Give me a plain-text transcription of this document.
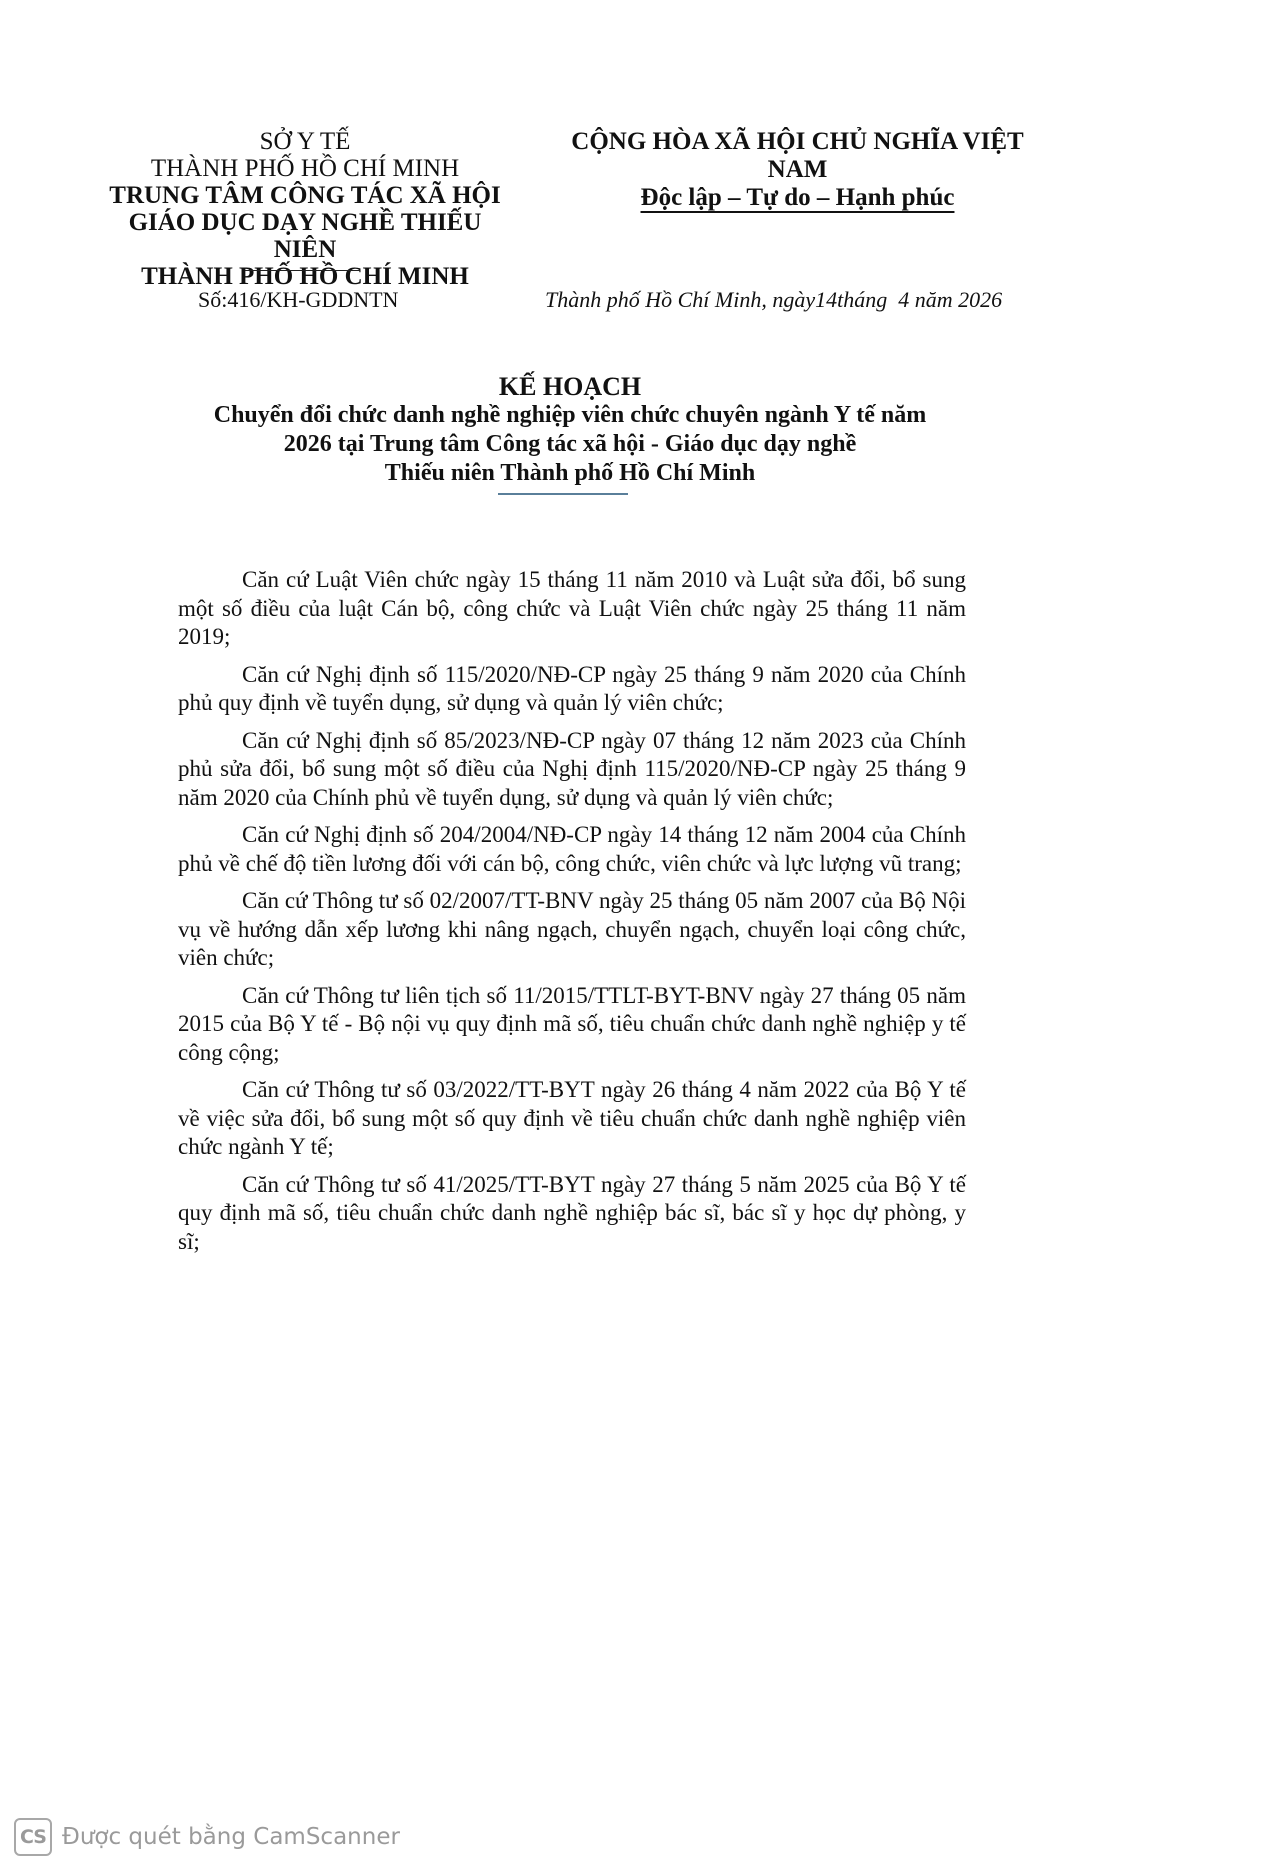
SỞ Y TẾ
THÀNH PHỐ HỒ CHÍ MINH
TRUNG TÂM CÔNG TÁC XÃ HỘI
GIÁO DỤC DẠY NGHỀ THIẾU NIÊN
THÀNH PHỐ HỒ CHÍ MINH
CỘNG HÒA XÃ HỘI CHỦ NGHĨA VIỆT NAM
Độc lập – Tự do – Hạnh phúc
Số:416/KH-GDDNTN	Thành phố Hồ Chí Minh, ngày14tháng  4 năm 2026
KẾ HOẠCH
Chuyển đổi chức danh nghề nghiệp viên chức chuyên ngành Y tế năm
2026 tại Trung tâm Công tác xã hội - Giáo dục dạy nghề
Thiếu niên Thành phố Hồ Chí Minh

Căn cứ Luật Viên chức ngày 15 tháng 11 năm 2010 và Luật sửa đổi, bổ sung một số điều của luật Cán bộ, công chức và Luật Viên chức ngày 25 tháng 11 năm 2019;

Căn cứ Nghị định số 115/2020/NĐ-CP ngày 25 tháng 9 năm 2020 của Chính phủ quy định về tuyển dụng, sử dụng và quản lý viên chức;

Căn cứ Nghị định số 85/2023/NĐ-CP ngày 07 tháng 12 năm 2023 của Chính phủ sửa đổi, bổ sung một số điều của Nghị định 115/2020/NĐ-CP ngày 25 tháng 9 năm 2020 của Chính phủ về tuyển dụng, sử dụng và quản lý viên chức;

Căn cứ Nghị định số 204/2004/NĐ-CP ngày 14 tháng 12 năm 2004 của Chính phủ về chế độ tiền lương đối với cán bộ, công chức, viên chức và lực lượng vũ trang;

Căn cứ Thông tư số 02/2007/TT-BNV ngày 25 tháng 05 năm 2007 của Bộ Nội vụ về hướng dẫn xếp lương khi nâng ngạch, chuyển ngạch, chuyển loại công chức, viên chức;

Căn cứ Thông tư liên tịch số 11/2015/TTLT-BYT-BNV ngày 27 tháng 05 năm 2015 của Bộ Y tế - Bộ nội vụ quy định mã số, tiêu chuẩn chức danh nghề nghiệp y tế công cộng;

Căn cứ Thông tư số 03/2022/TT-BYT ngày 26 tháng 4 năm 2022 của Bộ Y tế về việc sửa đổi, bổ sung một số quy định về tiêu chuẩn chức danh nghề nghiệp viên chức ngành Y tế;

Căn cứ Thông tư số 41/2025/TT-BYT ngày 27 tháng 5 năm 2025 của Bộ Y tế quy định mã số, tiêu chuẩn chức danh nghề nghiệp bác sĩ, bác sĩ y học dự phòng, y sĩ;

CS Được quét bằng CamScanner
